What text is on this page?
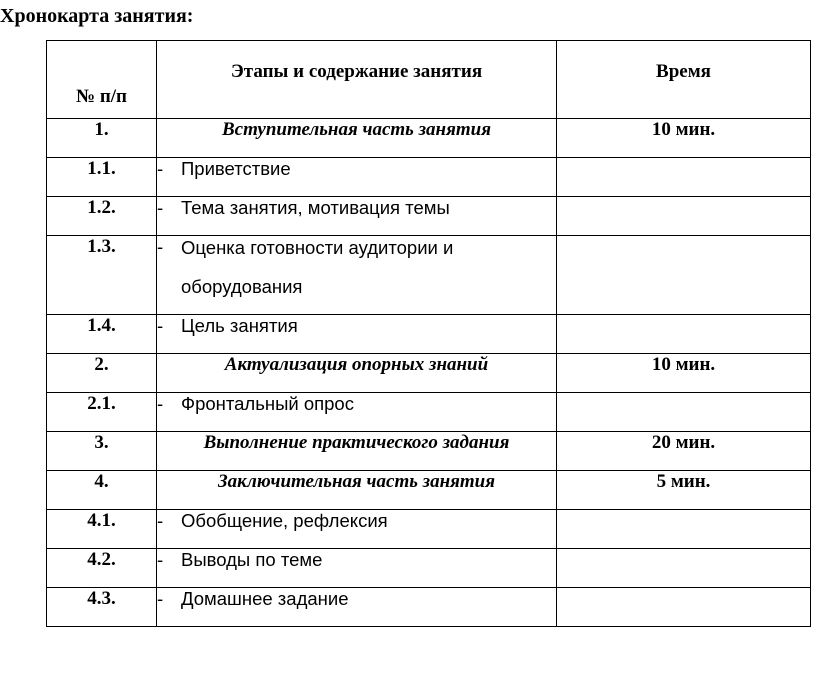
Хронокарта занятия:
№ п/п	Этапы и содержание занятия	Время
1.	Вступительная часть занятия	10 мин.
1.1.	- Приветствие	

1.2.	- Тема занятия, мотивация темы	

1.3.	- Оценка готовности аудитории и оборудования	

1.4.	- Цель занятия	

2.	Актуализация опорных знаний	10 мин.
2.1.	- Фронтальный опрос	

3.	Выполнение практического задания	20 мин.
4.	Заключительная часть занятия	5 мин.
4.1.	- Обобщение, рефлексия	

4.2.	- Выводы по теме	

4.3.	- Домашнее задание	
